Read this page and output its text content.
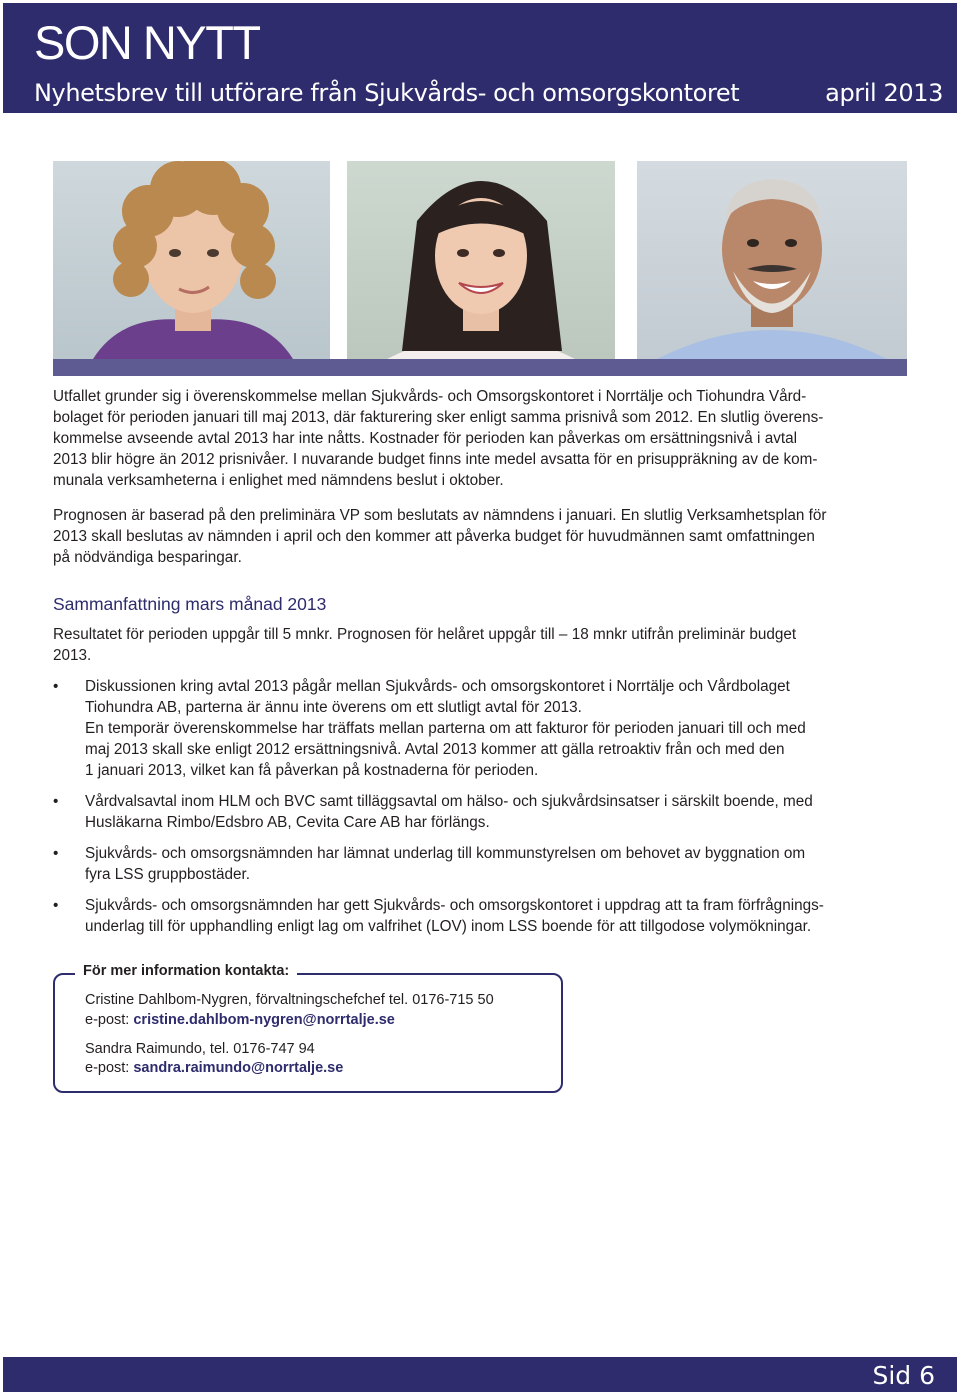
SON NYTT
Nyhetsbrev till utförare från Sjukvårds- och omsorgskontoret	april 2013

Utfallet grunder sig i överenskommelse mellan Sjukvårds- och Omsorgskontoret i Norrtälje och Tiohundra Vård-
bolaget för perioden januari till maj 2013, där fakturering sker enligt samma prisnivå som 2012. En slutlig överens-
kommelse avseende avtal 2013 har inte nåtts. Kostnader för perioden kan påverkas om ersättningsnivå i avtal
2013 blir högre än 2012 prisnivåer. I nuvarande budget finns inte medel avsatta för en prisuppräkning av de kom-
munala verksamheterna i enlighet med nämndens beslut i oktober.

Prognosen är baserad på den preliminära VP som beslutats av nämndens i januari. En slutlig Verksamhetsplan för
2013 skall beslutas av nämnden i april och den kommer att påverka budget för huvudmännen samt omfattningen
på nödvändiga besparingar.

Sammanfattning mars månad 2013

Resultatet för perioden uppgår till 5 mnkr. Prognosen för helåret uppgår till – 18 mnkr utifrån preliminär budget
2013.

• Diskussionen kring avtal 2013 pågår mellan Sjukvårds- och omsorgskontoret i Norrtälje och Vårdbolaget
Tiohundra AB, parterna är ännu inte överens om ett slutligt avtal för 2013.

En temporär överenskommelse har träffats mellan parterna om att fakturor för perioden januari till och med
maj 2013 skall ske enligt 2012 ersättningsnivå. Avtal 2013 kommer att gälla retroaktiv från och med den
1 januari 2013, vilket kan få påverkan på kostnaderna för perioden.

• Vårdvalsavtal inom HLM och BVC samt tilläggsavtal om hälso- och sjukvårdsinsatser i särskilt boende, med
Husläkarna Rimbo/Edsbro AB, Cevita Care AB har förlängs.

• Sjukvårds- och omsorgsnämnden har lämnat underlag till kommunstyrelsen om behovet av byggnation om
fyra LSS gruppbostäder.

• Sjukvårds- och omsorgsnämnden har gett Sjukvårds- och omsorgskontoret i uppdrag att ta fram förfrågnings-
underlag till för upphandling enligt lag om valfrihet (LOV) inom LSS boende för att tillgodose volymökningar.

För mer information kontakta:
Cristine Dahlbom-Nygren, förvaltningschefchef tel. 0176-715 50
e-post: cristine.dahlbom-nygren@norrtalje.se
Sandra Raimundo, tel. 0176-747 94
e-post: sandra.raimundo@norrtalje.se
Sid 6
